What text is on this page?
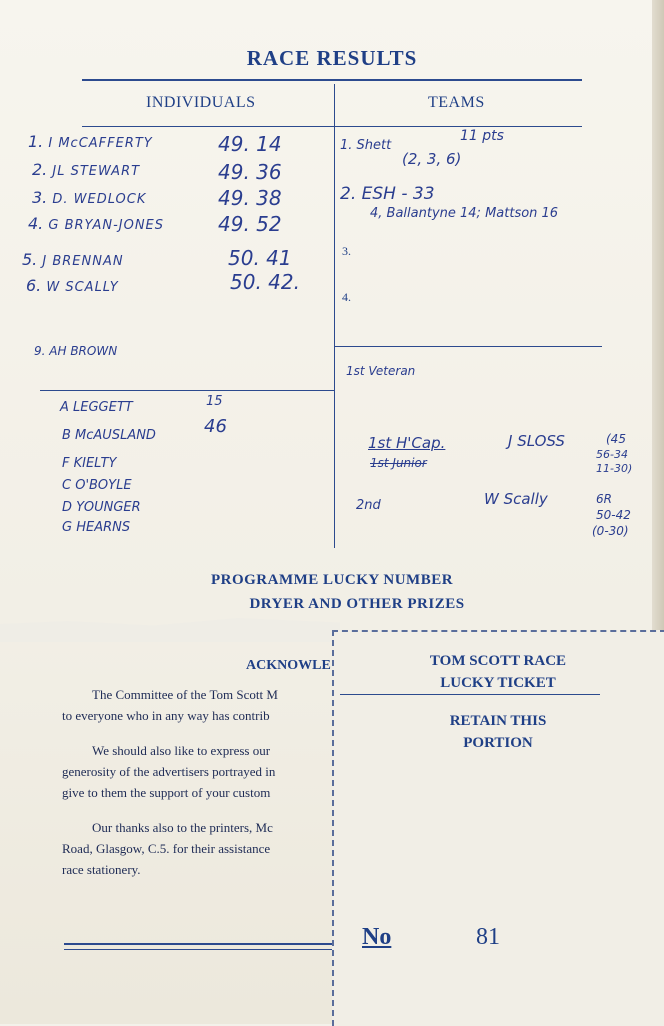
RACE RESULTS
INDIVIDUALS	TEAMS
1. I McCAFFERTY	49. 14
2. JL STEWART	49. 36
3. D. WEDLOCK	49. 38
4. G BRYAN-JONES	49. 52
5. J BRENNAN	50. 41
6. W SCALLY	50. 42.
9. AH BROWN
A LEGGETT	15
B McAUSLAND	46
F KIELTY
C O'BOYLE
D YOUNGER
G HEARNS
1. Shett
11 pts
(2, 3, 6)
2. ESH - 33
4, Ballantyne 14; Mattson 16
3.
4.
1st Veteran
1st H'Cap.	J SLOSS	(45
56-34
11-30)
1st Junior
2nd	W Scally	6R
50-42
(0-30)
PROGRAMME LUCKY NUMBER
DRYER AND OTHER PRIZES
ACKNOWLE
The Committee of the Tom Scott M
to everyone who in any way has contrib
We should also like to express our
generosity of the advertisers portrayed in
give to them the support of your custom
Our thanks also to the printers, Mc
Road, Glasgow, C.5. for their assistance
race stationery.
TOM SCOTT RACE
LUCKY TICKET
RETAIN THIS
PORTION
No	81
